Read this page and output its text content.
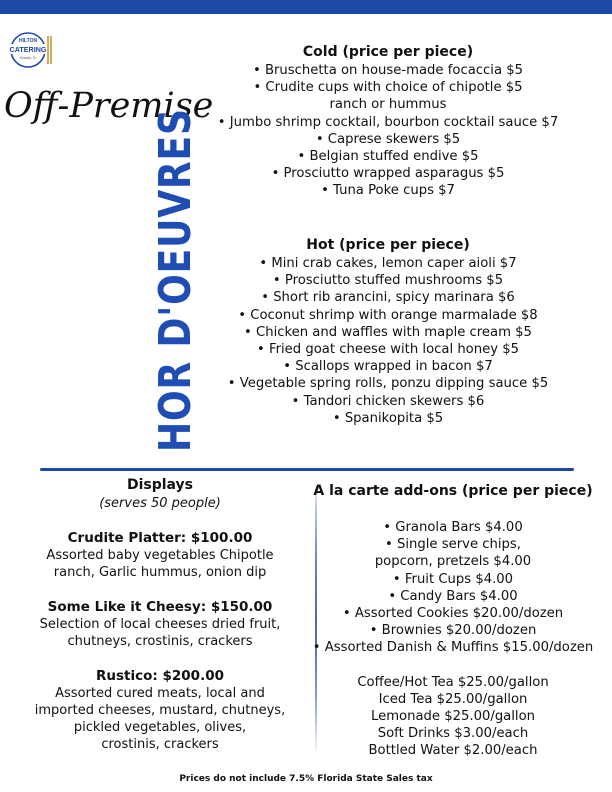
HILTON
CATERING
Orlando, FL
Off-Premise
HOR D'OEUVRES
Cold (price per piece)
• Bruschetta on house-made focaccia $5
• Crudite cups with choice of chipotle $5
ranch or hummus
• Jumbo shrimp cocktail, bourbon cocktail sauce $7
• Caprese skewers $5
• Belgian stuffed endive $5
• Prosciutto wrapped asparagus $5
• Tuna Poke cups $7
Hot (price per piece)
• Mini crab cakes, lemon caper aioli $7
• Prosciutto stuffed mushrooms $5
• Short rib arancini, spicy marinara $6
• Coconut shrimp with orange marmalade $8
• Chicken and waffles with maple cream $5
• Fried goat cheese with local honey $5
• Scallops wrapped in bacon $7
• Vegetable spring rolls, ponzu dipping sauce $5
• Tandori chicken skewers $6
• Spanikopita $5
Displays
(serves 50 people)
Crudite Platter: $100.00
Assorted baby vegetables Chipotle
ranch, Garlic hummus, onion dip
Some Like it Cheesy: $150.00
Selection of local cheeses dried fruit,
chutneys, crostinis, crackers
Rustico: $200.00
Assorted cured meats, local and
imported cheeses, mustard, chutneys,
pickled vegetables, olives,
crostinis, crackers
A la carte add-ons (price per piece)
• Granola Bars $4.00
• Single serve chips,
popcorn, pretzels $4.00
• Fruit Cups $4.00
• Candy Bars $4.00
• Assorted Cookies $20.00/dozen
• Brownies $20.00/dozen
• Assorted Danish & Muffins $15.00/dozen
Coffee/Hot Tea $25.00/gallon
Iced Tea $25.00/gallon
Lemonade $25.00/gallon
Soft Drinks $3.00/each
Bottled Water $2.00/each
Prices do not include 7.5% Florida State Sales tax
